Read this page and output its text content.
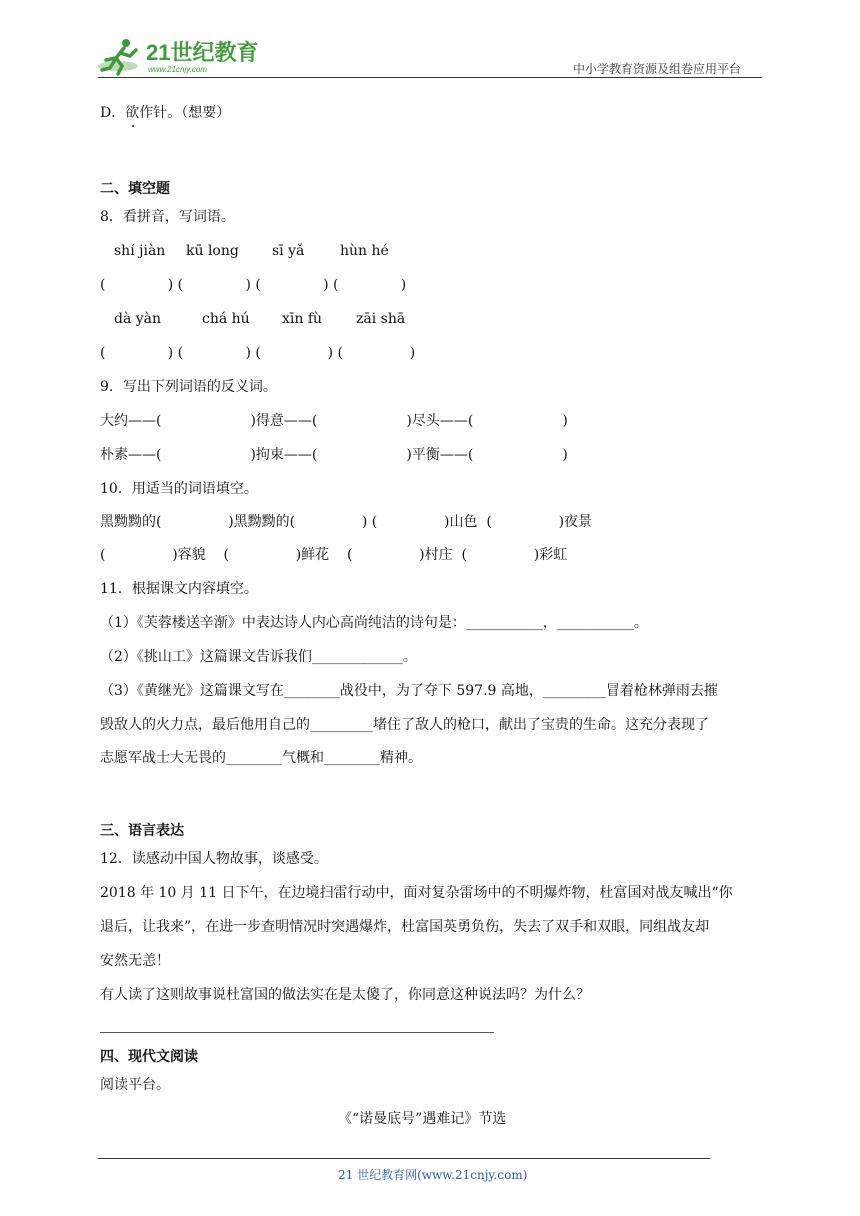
21世纪教育
www.21cnjy.com	中小学教育资源及组卷应用平台
D．欲作针。（想要）
二、填空题
8．看拼音，写词语。
shí jiàn kū long sī yǎ	hùn hé
(              ) (              ) (              ) (              )
dà yàn	chá hú xīn fù zāi shā
(              ) (              ) (               ) (               )
9．写出下列词语的反义词。
大约——(                    )得意——(                    )尽头——(                    )
朴素——(                    )拘束——(                    )平衡——(                    )
10．用适当的词语填空。
黑黝黝的(               )黑黝黝的(               ) (               )山色  (               )夜景
(               )容貌    (               )鲜花    (               )村庄  (               )彩虹
11．根据课文内容填空。
（1）《芙蓉楼送辛渐》中表达诗人内心高尚纯洁的诗句是：___________，___________。
（2）《挑山工》这篇课文告诉我们_____________。
（3）《黄继光》这篇课文写在________战役中，为了夺下 597.9 高地，_________冒着枪林弹雨去摧
毁敌人的火力点，最后他用自己的_________堵住了敌人的枪口，献出了宝贵的生命。这充分表现了
志愿军战士大无畏的________气概和________精神。
三、语言表达
12．读感动中国人物故事，谈感受。
2018 年 10 月 11 日下午，在边境扫雷行动中，面对复杂雷场中的不明爆炸物，杜富国对战友喊出“你
退后，让我来”，在进一步查明情况时突遇爆炸，杜富国英勇负伤，失去了双手和双眼，同组战友却
安然无恙！
有人读了这则故事说杜富国的做法实在是太傻了，你同意这种说法吗？为什么？
四、现代文阅读
阅读平台。
《“诺曼底号”遇难记》节选
21 世纪教育网(www.21cnjy.com)
